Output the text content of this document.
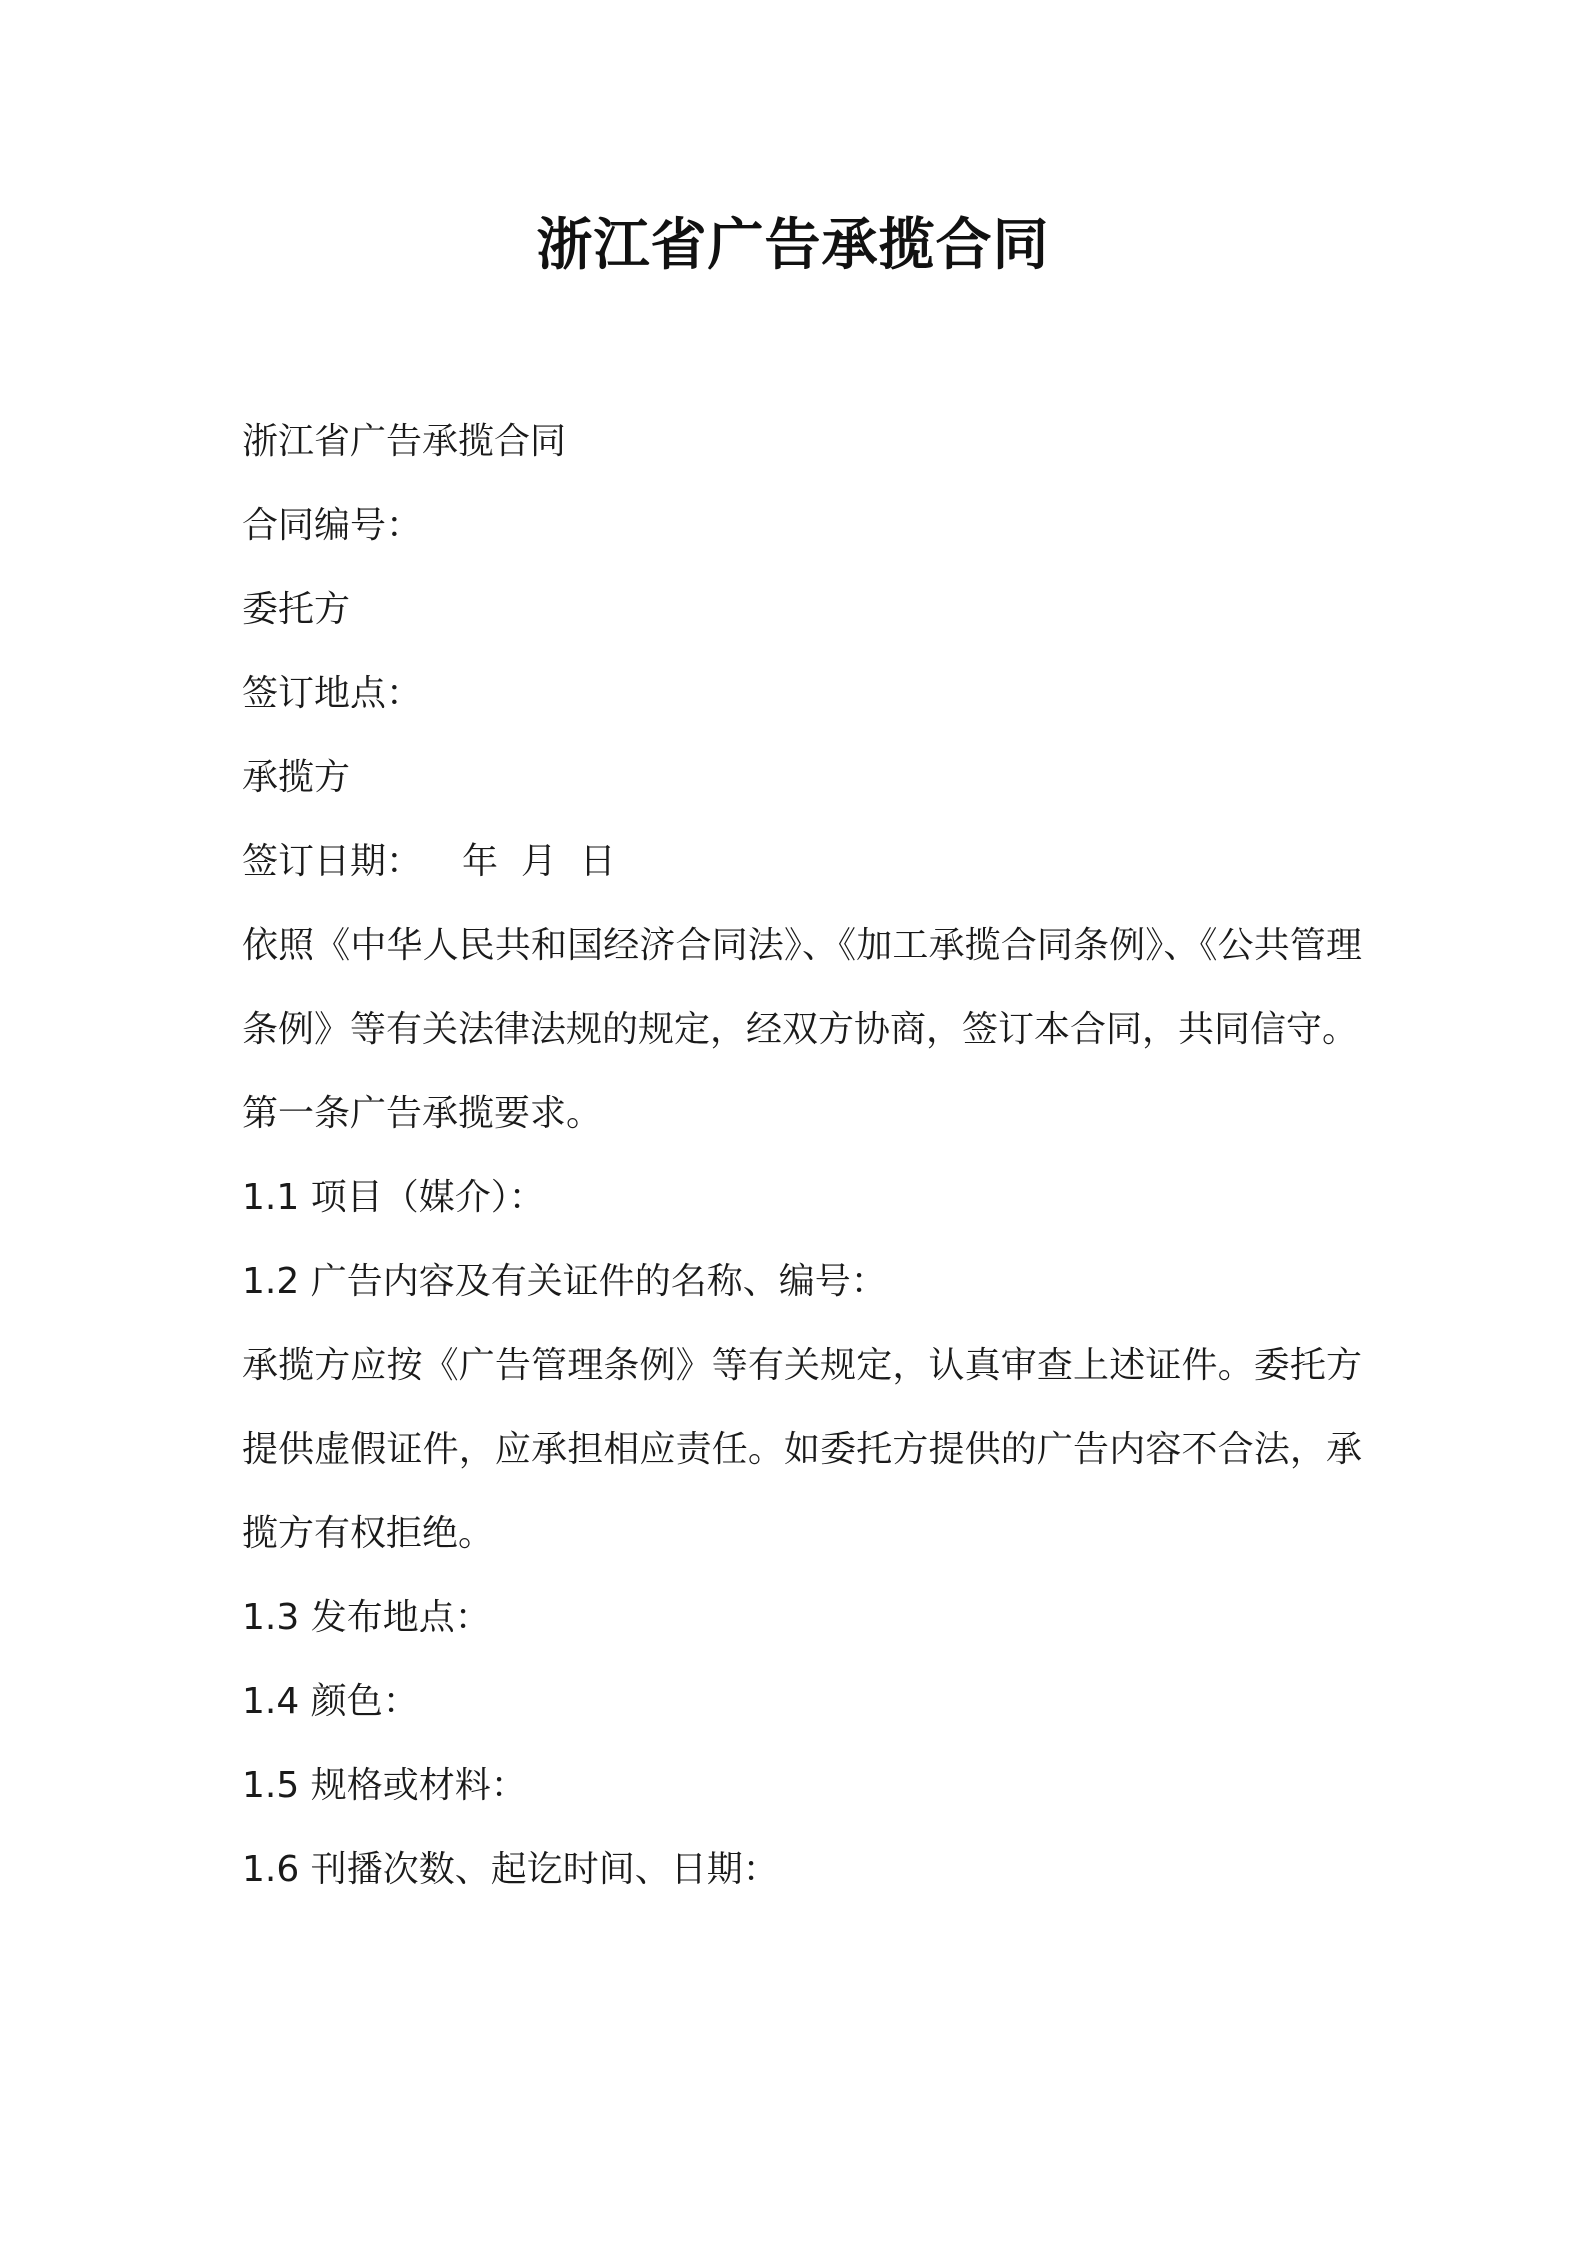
浙江省广告承揽合同

浙江省广告承揽合同

合同编号：

委托方

签订地点：

承揽方

签订日期： 年  月  日

依照《中华人民共和国经济合同法》、《加工承揽合同条例》、《公共管理条例》等有关法律法规的规定，经双方协商，签订本合同，共同信守。

第一条广告承揽要求。

1.1 项目（媒介）：

1.2 广告内容及有关证件的名称、编号：

承揽方应按《广告管理条例》等有关规定，认真审查上述证件。委托方提供虚假证件，应承担相应责任。如委托方提供的广告内容不合法，承揽方有权拒绝。

1.3 发布地点：

1.4 颜色：

1.5 规格或材料：

1.6 刊播次数、起讫时间、日期：
